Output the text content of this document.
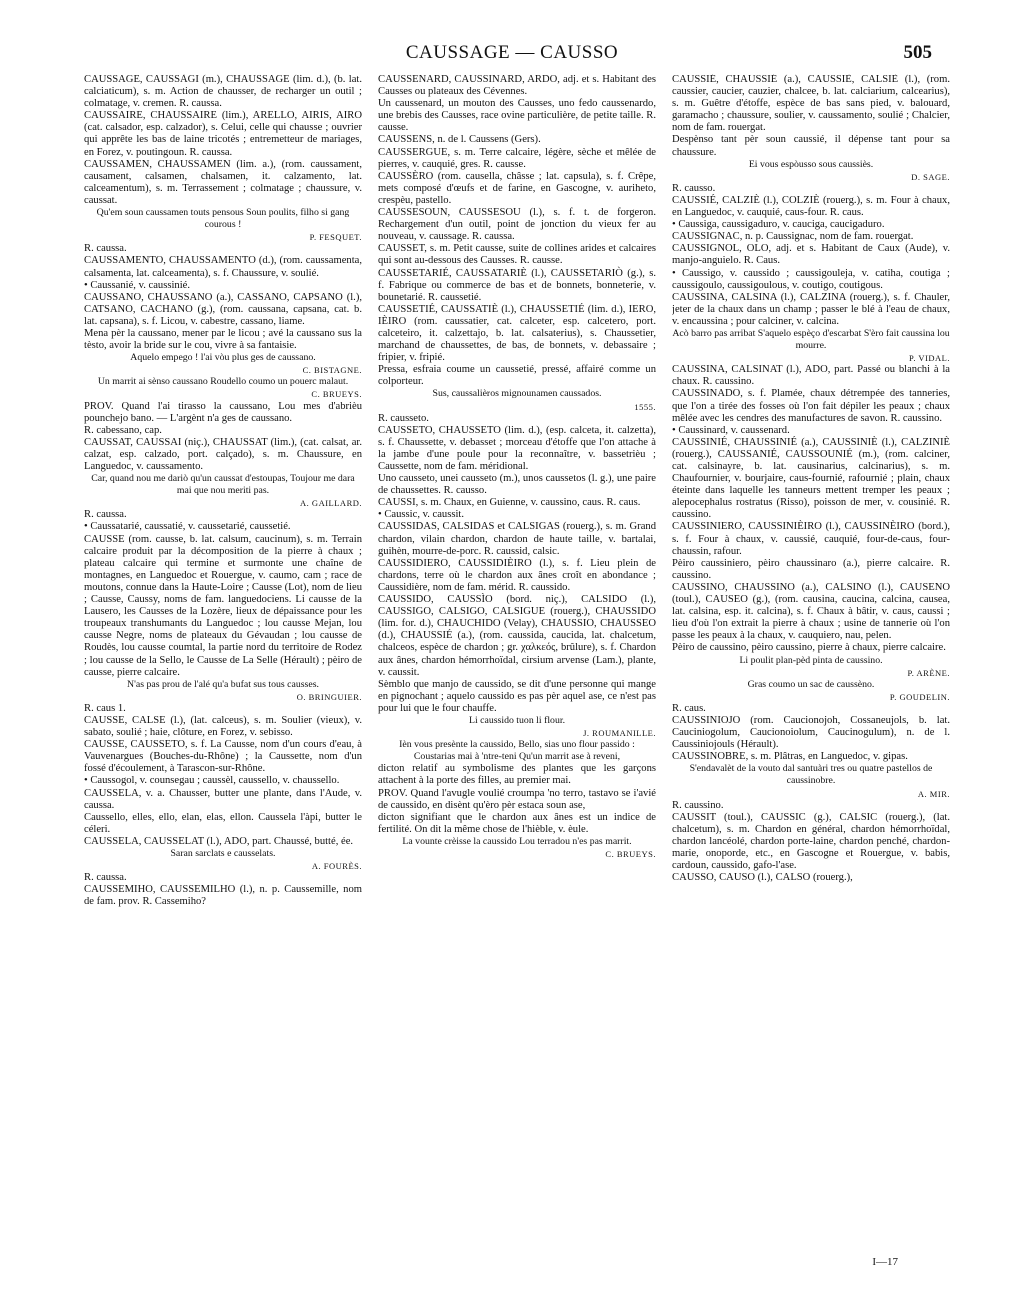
CAUSSAGE — CAUSSO	505

CAUSSAGE, CAUSSÀGI (m.), CHAUSSAGE (lim. d.), (b. lat. calciaticum), s. m. Action de chausser, de recharger un outil ; colmatage, v. cremen. R. caussa.

CAUSSAIRE, CHAUSSAIRE (lim.), ARELLO, AIRIS, AIRO (cat. calsador, esp. calzador), s. Celui, celle qui chausse ; ouvrier qui apprête les bas de laine tricotés ; entremetteur de mariages, en Forez, v. poutingoun. R. caussa.

CAUSSAMEN, CHAUSSAMEN (lim. a.), (rom. caussament, causament, calsamen, chalsamen, it. calzamento, lat. calceamentum), s. m. Terrassement ; colmatage ; chaussure, v. caussat.

Qu'em soun caussamen touts pensous Soun poulits, filho si gang courous !

P. FESQUET.

R. caussa.

CAUSSAMENTO, CHAUSSAMENTO (d.), (rom. caussamenta, calsamenta, lat. calceamenta), s. f. Chaussure, v. soulié.

• Caussanié, v. caussinié.

CAUSSANO, CHAUSSANO (a.), CASSANO, CAPSANO (l.), CATSANO, CACHANO (g.), (rom. caussana, capsana, cat. b. lat. capsana), s. f. Licou, v. cabestre, cassano, liame.

Mena pèr la caussano, mener par le licou ; avé la caussano sus la tèsto, avoir la bride sur le cou, vivre à sa fantaisie.

Aquelo empego ! l'ai vòu plus ges de caussano.

C. BISTAGNE.

Un marrit ai sènso caussano Roudello coumo un pouerc malaut.

C. BRUEYS.

PROV. Quand l'ai tirasso la caussano, Lou mes d'abrièu pounchejo bano. — L'argènt n'a ges de caussano.

R. cabessano, cap.

CAUSSAT, CAUSSAI (niç.), CHAUSSAT (lim.), (cat. calsat, ar. calzat, esp. calzado, port. calçado), s. m. Chaussure, en Languedoc, v. caussamento.

Car, quand nou me dariò qu'un caussat d'estoupas, Toujour me dara mai que nou meriti pas.

A. GAILLARD.

R. caussa.

• Caussatarié, caussatié, v. caussetarié, caussetié.

CAUSSE (rom. causse, b. lat. calsum, caucinum), s. m. Terrain calcaire produit par la décomposition de la pierre à chaux ; plateau calcaire qui termine et surmonte une chaîne de montagnes, en Languedoc et Rouergue, v. caumo, cam ; race de moutons, connue dans la Haute-Loire ; Causse (Lot), nom de lieu ; Causse, Caussy, noms de fam. languedociens. Li causse de la Lausero, les Causses de la Lozère, lieux de dépaissance pour les troupeaux transhumants du Languedoc ; lou causse Mejan, lou causse Negre, noms de plateaux du Gévaudan ; lou causse de Roudès, lou causse coumtal, la partie nord du territoire de Rodez ; lou causse de la Sello, le Causse de La Selle (Hérault) ; pèiro de causse, pierre calcaire.

N'as pas prou de l'alé qu'a bufat sus tous causses.

O. BRINGUIER.

R. caus 1.

CAUSSE, CALSE (l.), (lat. calceus), s. m. Soulier (vieux), v. sabato, soulié ; haie, clôture, en Forez, v. sebisso.

CAUSSE, CAUSSETO, s. f. La Causse, nom d'un cours d'eau, à Vauvenargues (Bouches-du-Rhône) ; la Caussette, nom d'un fossé d'écoulement, à Tarascon-sur-Rhône.

• Caussogol, v. counsegau ; caussèl, caussello, v. chaussello.

CAUSSELA, v. a. Chausser, butter une plante, dans l'Aude, v. caussa.

Caussello, elles, ello, elan, elas, ellon. Caussela l'àpi, butter le céleri.

CAUSSELA, CAUSSELAT (l.), ADO, part. Chaussé, butté, ée.

Saran sarclats e causselats.

A. FOURÈS.

R. caussa.

CAUSSEMIHO, CAUSSEMILHO (l.), n. p. Caussemille, nom de fam. prov. R. Cassemiho?

CAUSSENARD, CAUSSINARD, ARDO, adj. et s. Habitant des Causses ou plateaux des Cévennes.

Un caussenard, un mouton des Causses, uno fedo caussenardo, une brebis des Causses, race ovine particulière, de petite taille. R. causse.

CAUSSENS, n. de l. Caussens (Gers).

CAUSSERGUE, s. m. Terre calcaire, légère, sèche et mêlée de pierres, v. cauquié, gres. R. causse.

CAUSSÈRO (rom. causella, châsse ; lat. capsula), s. f. Crêpe, mets composé d'œufs et de farine, en Gascogne, v. auriheto, crespèu, pastello.

CAUSSESOUN, CAUSSESOU (l.), s. f. t. de forgeron. Rechargement d'un outil, point de jonction du vieux fer au nouveau, v. caussage. R. caussa.

CAUSSET, s. m. Petit causse, suite de collines arides et calcaires qui sont au-dessous des Causses. R. causse.

CAUSSETARIÉ, CAUSSATARIÈ (l.), CAUSSETARIÒ (g.), s. f. Fabrique ou commerce de bas et de bonnets, bonneterie, v. bounetarié. R. caussetié.

CAUSSETIÉ, CAUSSATIÈ (l.), CHAUSSETIÉ (lim. d.), IERO, IÈIRO (rom. caussatier, cat. calceter, esp. calcetero, port. calceteiro, it. calzettajo, b. lat. calsaterius), s. Chaussetier, marchand de chaussettes, de bas, de bonnets, v. debassaire ; fripier, v. fripié.

Pressa, esfraia coume un caussetié, pressé, affairé comme un colporteur.

Sus, caussalièros mignounamen caussados.

1555.

R. causseto.

CAUSSETO, CHAUSSETO (lim. d.), (esp. calceta, it. calzetta), s. f. Chaussette, v. debasset ; morceau d'étoffe que l'on attache à la jambe d'une poule pour la reconnaître, v. bassetrièu ; Caussette, nom de fam. méridional.

Uno causseto, unei causseto (m.), unos caussetos (l. g.), une paire de chaussettes. R. causso.

CAUSSI, s. m. Chaux, en Guienne, v. caussino, caus. R. caus.

• Caussic, v. caussit.

CAUSSIDAS, CALSIDAS et CALSIGAS (rouerg.), s. m. Grand chardon, vilain chardon, chardon de haute taille, v. bartalai, guihèn, mourre-de-porc. R. caussid, calsic.

CAUSSIDIERO, CAUSSIDIÈIRO (l.), s. f. Lieu plein de chardons, terre où le chardon aux ânes croît en abondance ; Caussidière, nom de fam. mérid. R. caussido.

CAUSSIDO, CAUSSÌO (bord. niç.), CALSIDO (l.), CAUSSIGO, CALSIGO, CALSIGUE (rouerg.), CHAUSSIDO (lim. for. d.), CHAUCHIDO (Velay), CHAUSSIO, CHAUSSEO (d.), CHAUSSIÉ (a.), (rom. caussida, caucida, lat. chalcetum, chalceos, espèce de chardon ; gr. χαλκεός, brûlure), s. f. Chardon aux ânes, chardon hémorrhoïdal, cirsium arvense (Lam.), plante, v. caussit.

Sèmblo que manjo de caussido, se dit d'une personne qui mange en pignochant ; aquelo caussido es pas pèr aquel ase, ce n'est pas pour lui que le four chauffe.

Li caussido tuon li flour.

J. ROUMANILLE.

Ièn vous presènte la caussido, Bello, sias uno flour passido : Coustarias mai à 'ntre-teni Qu'un marrit ase à reveni,

dicton relatif au symbolisme des plantes que les garçons attachent à la porte des filles, au premier mai.

PROV. Quand l'avugle voulié croumpa 'no terro, tastavo se i'avié de caussido, en disènt qu'èro pèr estaca soun ase,

dicton signifiant que le chardon aux ânes est un indice de fertilité. On dit la même chose de l'hièble, v. èule.

La vounte crèisse la caussido Lou terradou n'es pas marrit.

C. BRUEYS.

CAUSSIÉ, CHAUSSIÉ (a.), CAUSSIÈ, CALSIÈ (l.), (rom. caussier, caucier, cauzier, chalcee, b. lat. calciarium, calcearius), s. m. Guêtre d'étoffe, espèce de bas sans pied, v. balouard, garamacho ; chaussure, soulier, v. caussamento, soulié ; Chalcier, nom de fam. rouergat.

Despènso tant pèr soun caussié, il dépense tant pour sa chaussure.

Ei vous espòusso sous caussiès.

D. SAGE.

R. causso.

CAUSSIÉ, CALZIÈ (l.), COLZIÈ (rouerg.), s. m. Four à chaux, en Languedoc, v. cauquié, caus-four. R. caus.

• Caussiga, caussigaduro, v. cauciga, caucigaduro.

CAUSSIGNAC, n. p. Caussignac, nom de fam. rouergat.

CAUSSIGNOL, OLO, adj. et s. Habitant de Caux (Aude), v. manjo-anguielo. R. Caus.

• Caussigo, v. caussido ; caussigouleja, v. catiha, coutiga ; caussigoulo, caussigoulous, v. coutigo, coutigous.

CAUSSINA, CALSINA (l.), CALZINA (rouerg.), s. f. Chauler, jeter de la chaux dans un champ ; passer le blé à l'eau de chaux, v. encaussina ; pour calciner, v. calcina.

Acò barro pas arribat S'aquelo espèço d'escarbat S'èro fait caussina lou mourre.

P. VIDAL.

CAUSSINA, CALSINAT (l.), ADO, part. Passé ou blanchi à la chaux. R. caussino.

CAUSSINADO, s. f. Plamée, chaux détrempée des tanneries, que l'on a tirée des fosses où l'on fait dépiler les peaux ; chaux mêlée avec les cendres des manufactures de savon. R. caussino.

• Caussinard, v. caussenard.

CAUSSINIÉ, CHAUSSINIÉ (a.), CAUSSINIÈ (l.), CALZINIÈ (rouerg.), CAUSSANIÉ, CAUSSOUNIÉ (m.), (rom. calciner, cat. calsinayre, b. lat. causinarius, calcinarius), s. m. Chaufournier, v. bourjaire, caus-fournié, rafournié ; plain, chaux éteinte dans laquelle les tanneurs mettent tremper les peaux ; alepocephalus rostratus (Risso), poisson de mer, v. cousinié. R. caussino.

CAUSSINIERO, CAUSSINIÈIRO (l.), CAUSSINÈIRO (bord.), s. f. Four à chaux, v. caussié, cauquié, four-de-caus, four-chaussin, rafour.

Pèiro caussiniero, pèiro chaussinaro (a.), pierre calcaire. R. caussino.

CAUSSINO, CHAUSSINO (a.), CALSINO (l.), CAUSENO (toul.), CAUSEO (g.), (rom. causina, caucina, calcina, causea, lat. calsina, esp. it. calcina), s. f. Chaux à bâtir, v. caus, caussi ; lieu d'où l'on extrait la pierre à chaux ; usine de tannerie où l'on passe les peaux à la chaux, v. cauquiero, nau, pelen.

Pèiro de caussino, pèiro caussino, pierre à chaux, pierre calcaire.

Li poulit plan-pèd pinta de caussino.

P. ARÈNE.

Gras coumo un sac de caussèno.

P. GOUDELIN.

R. caus.

CAUSSINIOJO (rom. Caucionojoh, Cossaneujols, b. lat. Cauciniogolum, Caucionoiolum, Caucinogulum), n. de l. Caussiniojouls (Hérault).

CAUSSINOBRE, s. m. Plâtras, en Languedoc, v. gipas.

S'endavalèt de la vouto dal santuàri tres ou quatre pastellos de caussinobre.

A. MIR.

R. caussino.

CAUSSIT (toul.), CAUSSIC (g.), CALSIC (rouerg.), (lat. chalcetum), s. m. Chardon en général, chardon hémorrhoïdal, chardon lancéolé, chardon porte-laine, chardon penché, chardon-marie, onoporde, etc., en Gascogne et Rouergue, v. babis, cardoun, caussido, gafo-l'ase.

CAUSSO, CAUSO (l.), CALSO (rouerg.),

I—17
